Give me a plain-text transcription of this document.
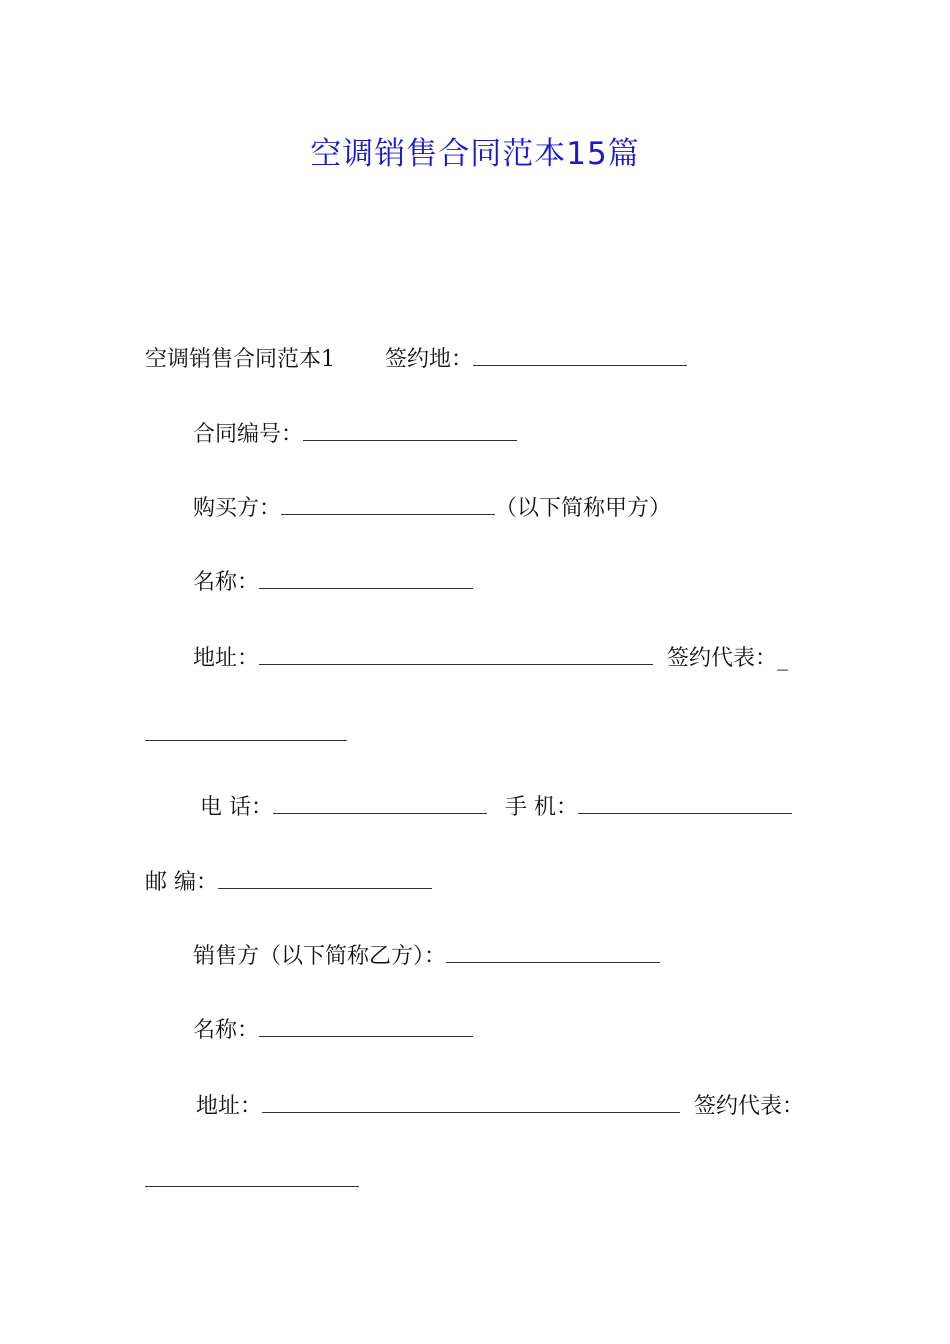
空调销售合同范本15篇
空调销售合同范本1 签约地：
合同编号：
购买方：	（以下简称甲方）
名称：
地址：	签约代表：_
电 话：	手 机：
邮 编：
销售方（以下简称乙方）：
名称：
地址：	签约代表：
